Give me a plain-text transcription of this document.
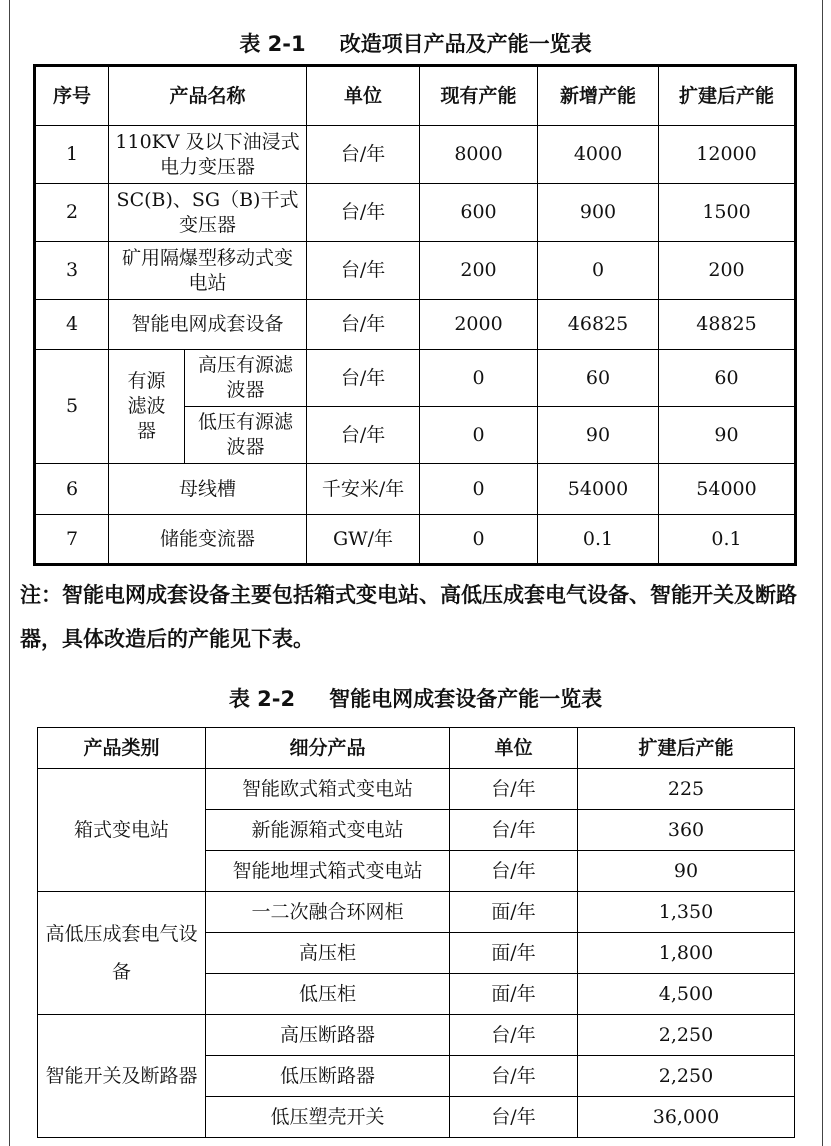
表 2-1 改造项目产品及产能一览表
序号	产品名称		单位	现有产能	新增产能	扩建后产能
1	110KV 及以下油浸式电力变压器		台/年	8000	4000	12000
2	SC(B)、SG（B)干式变压器		台/年	600	900	1500
3	矿用隔爆型移动式变电站		台/年	200	0	200
4	智能电网成套设备		台/年	2000	46825	48825
5	有源滤波器	高压有源滤波器	台/年	0	60	60
		低压有源滤波器	台/年	0	90	90
6	母线槽		千安米/年	0	54000	54000
7	储能变流器		GW/年	0	0.1	0.1
注：智能电网成套设备主要包括箱式变电站、高低压成套电气设备、智能开关及断路器，具体改造后的产能见下表。
表 2-2 智能电网成套设备产能一览表
产品类别	细分产品	单位	扩建后产能
箱式变电站	智能欧式箱式变电站	台/年	225
	新能源箱式变电站	台/年	360
	智能地埋式箱式变电站	台/年	90
高低压成套电气设备	一二次融合环网柜	面/年	1,350
	高压柜	面/年	1,800
	低压柜	面/年	4,500
智能开关及断路器	高压断路器	台/年	2,250
	低压断路器	台/年	2,250
	低压塑壳开关	台/年	36,000
